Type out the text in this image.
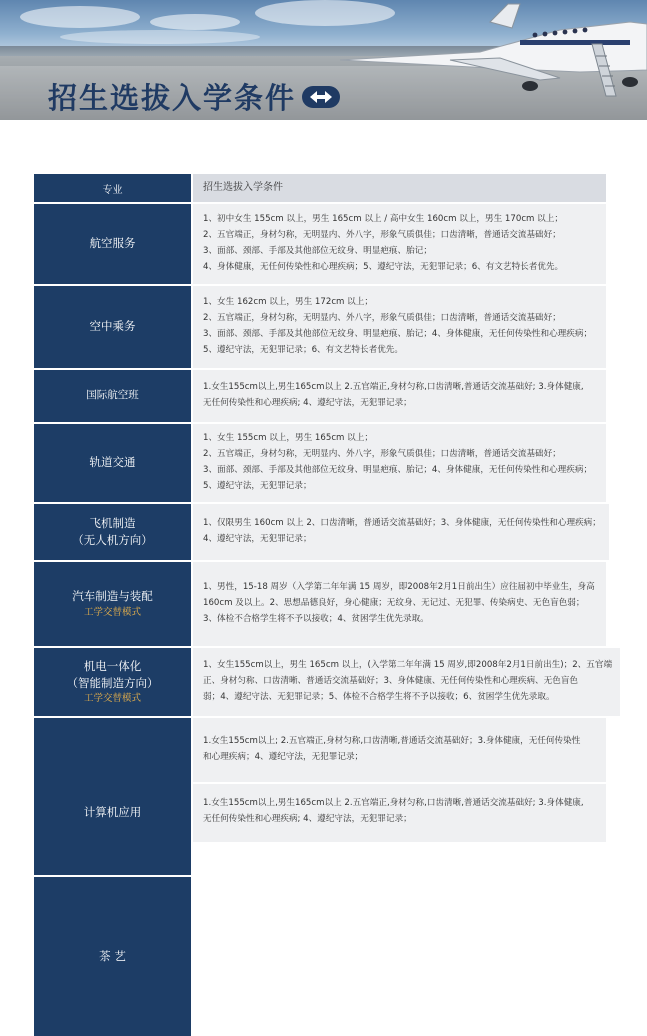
招生选拔入学条件
专业	招生选拔入学条件
航空服务
1、初中女生 155cm 以上，男生 165cm 以上 / 高中女生 160cm 以上，男生 170cm 以上；
2、五官端正，身材匀称，无明显内、外八字，形象气质俱佳；口齿清晰，普通话交流基础好；
3、面部、颈部、手部及其他部位无纹身、明显疤痕、胎记；
4、身体健康，无任何传染性和心理疾病；5、遵纪守法，无犯罪记录；6、有文艺特长者优先。
空中乘务
1、女生 162cm 以上，男生 172cm 以上；
2、五官端正，身材匀称，无明显内、外八字，形象气质俱佳；口齿清晰，普通话交流基础好；
3、面部、颈部、手部及其他部位无纹身、明显疤痕、胎记；4、身体健康，无任何传染性和心理疾病；
5、遵纪守法，无犯罪记录；6、有文艺特长者优先。
国际航空班
1.女生155cm以上,男生165cm以上 2.五官端正,身材匀称,口齿清晰,普通话交流基础好; 3.身体健康,
无任何传染性和心理疾病; 4、遵纪守法，无犯罪记录；
轨道交通
1、女生 155cm 以上，男生 165cm 以上；
2、五官端正，身材匀称，无明显内、外八字，形象气质俱佳；口齿清晰，普通话交流基础好；
3、面部、颈部、手部及其他部位无纹身、明显疤痕、胎记；4、身体健康，无任何传染性和心理疾病；
5、遵纪守法，无犯罪记录；
飞机制造
（无人机方向）
1、仅限男生 160cm 以上 2、口齿清晰，普通话交流基础好；3、身体健康，无任何传染性和心理疾病；
4、遵纪守法，无犯罪记录；
汽车制造与装配
工学交替模式
1、男性，15-18 周岁（入学第二年年满 15 周岁，即2008年2月1日前出生）应往届初中毕业生，身高
160cm 及以上。2、思想品德良好，身心健康；无纹身、无记过、无犯罪、传染病史、无色盲色弱；
3、体检不合格学生将不予以接收；4、贫困学生优先录取。
机电一体化
（智能制造方向）
工学交替模式
1、女生155cm以上，男生 165cm 以上，(入学第二年年满 15 周岁,即2008年2月1日前出生)；2、五官端
正、身材匀称、口齿清晰、普通话交流基础好；3、身体健康、无任何传染性和心理疾病、无色盲色
弱；4、遵纪守法、无犯罪记录；5、体检不合格学生将不予以接收；6、贫困学生优先录取。
茶 艺
1.女生155cm以上; 2.五官端正,身材匀称,口齿清晰,普通话交流基础好；3.身体健康，无任何传染性
和心理疾病；4、遵纪守法，无犯罪记录；
计算机应用
1.女生155cm以上,男生165cm以上 2.五官端正,身材匀称,口齿清晰,普通话交流基础好; 3.身体健康,
无任何传染性和心理疾病; 4、遵纪守法，无犯罪记录；
